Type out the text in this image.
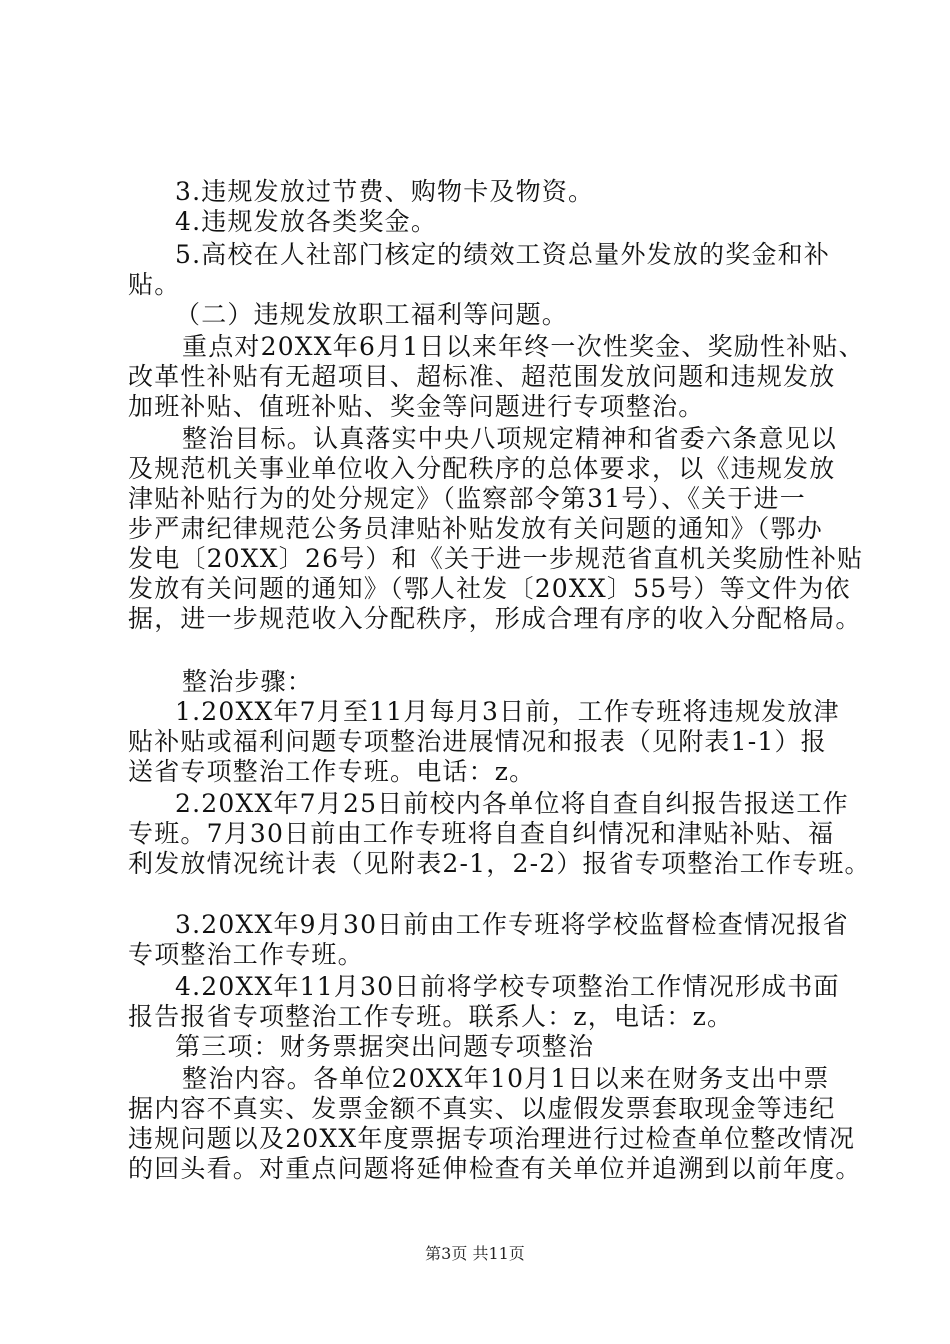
3.违规发放过节费、购物卡及物资。
4.违规发放各类奖金。
5.高校在人社部门核定的绩效工资总量外发放的奖金和补
贴。
（二）违规发放职工福利等问题。
重点对20XX年6月1日以来年终一次性奖金、奖励性补贴、
改革性补贴有无超项目、超标准、超范围发放问题和违规发放
加班补贴、值班补贴、奖金等问题进行专项整治。
整治目标。认真落实中央八项规定精神和省委六条意见以
及规范机关事业单位收入分配秩序的总体要求，以《违规发放
津贴补贴行为的处分规定》（监察部令第31号）、《关于进一
步严肃纪律规范公务员津贴补贴发放有关问题的通知》（鄂办
发电〔20XX〕26号）和《关于进一步规范省直机关奖励性补贴
发放有关问题的通知》（鄂人社发〔20XX〕55号）等文件为依
据，进一步规范收入分配秩序，形成合理有序的收入分配格局。
整治步骤：
1.20XX年7月至11月每月3日前，工作专班将违规发放津
贴补贴或福利问题专项整治进展情况和报表（见附表1-1）报
送省专项整治工作专班。电话：z。
2.20XX年7月25日前校内各单位将自查自纠报告报送工作
专班。7月30日前由工作专班将自查自纠情况和津贴补贴、福
利发放情况统计表（见附表2-1，2-2）报省专项整治工作专班。
3.20XX年9月30日前由工作专班将学校监督检查情况报省
专项整治工作专班。
4.20XX年11月30日前将学校专项整治工作情况形成书面
报告报省专项整治工作专班。联系人：z，电话：z。
第三项：财务票据突出问题专项整治
整治内容。各单位20XX年10月1日以来在财务支出中票
据内容不真实、发票金额不真实、以虚假发票套取现金等违纪
违规问题以及20XX年度票据专项治理进行过检查单位整改情况
的回头看。对重点问题将延伸检查有关单位并追溯到以前年度。
第3页 共11页
